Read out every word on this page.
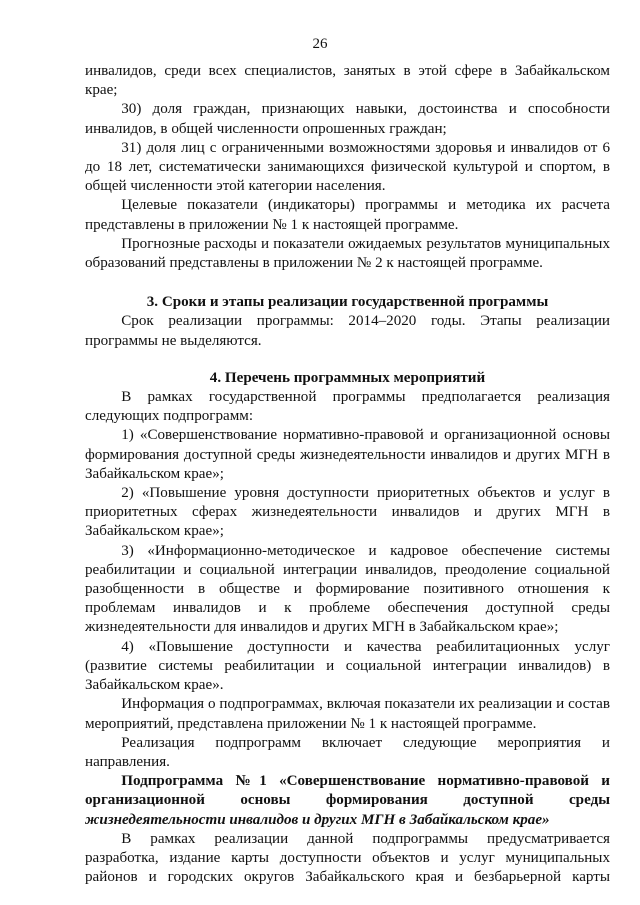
26

инвалидов, среди всех специалистов, занятых в этой сфере в Забайкальском крае;

30) доля граждан, признающих навыки, достоинства и способности инвалидов, в общей численности опрошенных граждан;

31) доля лиц с ограниченными возможностями здоровья и инвалидов от 6 до 18 лет, систематически занимающихся физической культурой и спортом, в общей численности этой категории населения.

Целевые показатели (индикаторы) программы и методика их расчета представлены в приложении № 1 к настоящей программе.

Прогнозные расходы и показатели ожидаемых результатов муниципальных образований представлены в приложении № 2 к настоящей программе.

3. Сроки и этапы реализации государственной программы

Срок реализации программы: 2014–2020 годы. Этапы реализации программы не выделяются.

4. Перечень программных мероприятий

В рамках государственной программы предполагается реализация следующих подпрограмм:

1) «Совершенствование нормативно-правовой и организационной основы формирования доступной среды жизнедеятельности инвалидов и других МГН в Забайкальском крае»;

2) «Повышение уровня доступности приоритетных объектов и услуг в приоритетных сферах жизнедеятельности инвалидов и других МГН в Забайкальском крае»;

3) «Информационно-методическое и кадровое обеспечение системы реабилитации и социальной интеграции инвалидов, преодоление социальной разобщенности в обществе и формирование позитивного отношения к проблемам инвалидов и к проблеме обеспечения доступной среды жизнедеятельности для инвалидов и других МГН в Забайкальском крае»;

4) «Повышение доступности и качества реабилитационных услуг (развитие системы реабилитации и социальной интеграции инвалидов) в Забайкальском крае».

Информация о подпрограммах, включая показатели их реализации и состав мероприятий, представлена приложении № 1 к настоящей программе.

Реализация подпрограмм включает следующие мероприятия и направления.

Подпрограмма №1 «Совершенствование нормативно-правовой и организационной основы формирования доступной среды жизнедеятельности инвалидов и других МГН в Забайкальском крае»

В рамках реализации данной подпрограммы предусматривается разработка, издание карты доступности объектов и услуг муниципальных районов и городских округов Забайкальского края и безбарьерной карты
